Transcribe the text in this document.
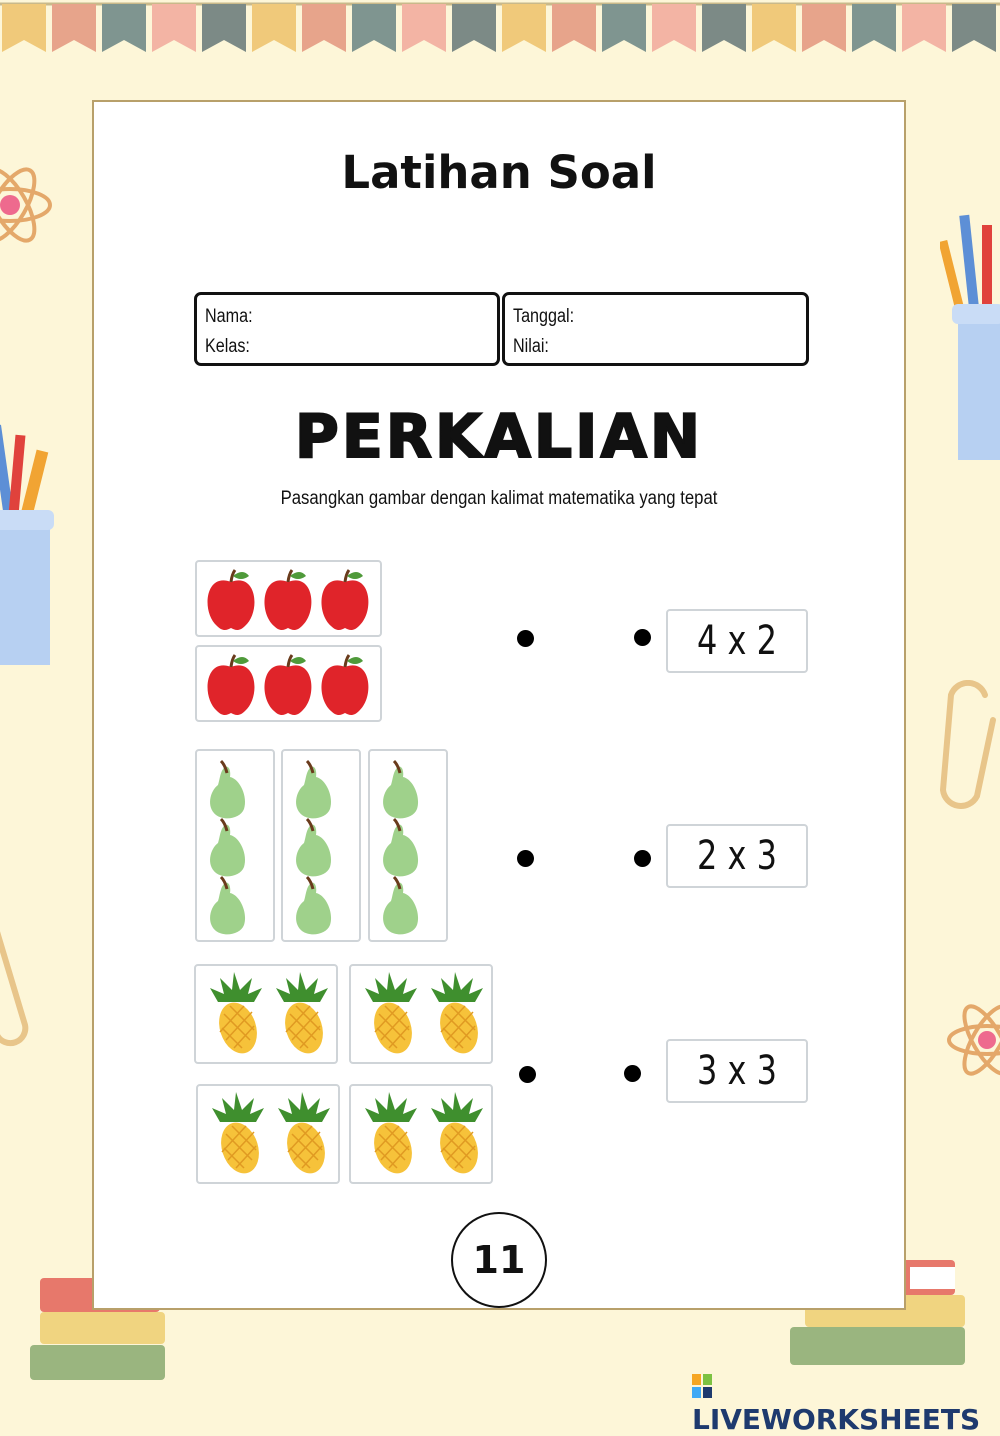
Latihan Soal
Nama:
Kelas:
Tanggal:
Nilai:
PERKALIAN
Pasangkan gambar dengan kalimat matematika yang tepat
4 x 2
2 x 3
3 x 3
11
LIVEWORKSHEETS
